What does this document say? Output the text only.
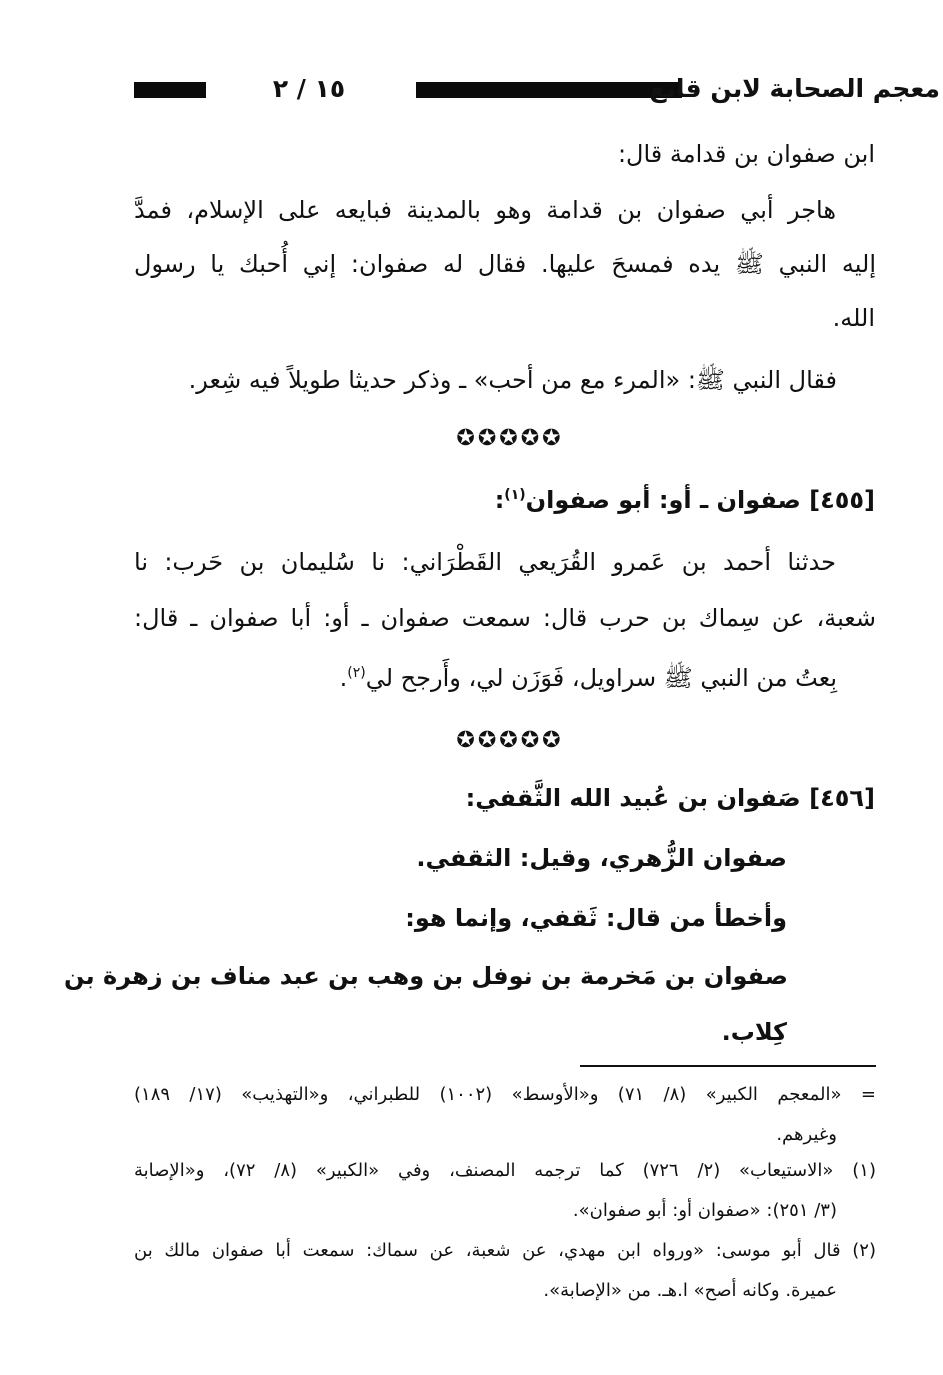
١٥ / ٢	معجم الصحابة لابن قانع
ابن صفوان بن قدامة قال:
هاجر أبي صفوان بن قدامة وهو بالمدينة فبايعه على الإسلام، فمدَّ
إليه النبي ﷺ يده فمسحَ عليها. فقال له صفوان: إني أُحبك يا رسول
الله.
فقال النبي ﷺ: «المرء مع من أحب» ـ وذكر حديثا طويلاً فيه شِعر.
✪✪✪✪✪
[٤٥٥] صفوان ـ أو: أبو صفوان$^{(١)}$:
حدثنا أحمد بن عَمرو القُرَيعي القَطْرَاني: نا سُليمان بن حَرب: نا
شعبة، عن سِماك بن حرب قال: سمعت صفوان ـ أو: أبا صفوان ـ قال:
بِعتُ من النبي ﷺ سراويل، فَوَزَن لي، وأَرجح لي$^{(٢)}$.
✪✪✪✪✪
[٤٥٦] صَفوان بن عُبيد الله الثَّقفي:
صفوان الزُّهري، وقيل: الثقفي.
وأخطأ من قال: ثَقفي، وإنما هو:
صفوان بن مَخرمة بن نوفل بن وهب بن عبد مناف بن زهرة بن
كِلاب.
= «المعجم الكبير» (٨/ ٧١) و«الأوسط» (١٠٠٢) للطبراني، و«التهذيب» (١٧/ ١٨٩)
وغيرهم.
(١) «الاستيعاب» (٢/ ٧٢٦) كما ترجمه المصنف، وفي «الكبير» (٨/ ٧٢)، و«الإصابة
(٣/ ٢٥١): «صفوان أو: أبو صفوان».
(٢) قال أبو موسى: «ورواه ابن مهدي، عن شعبة، عن سماك: سمعت أبا صفوان مالك بن
عميرة. وكانه أصح» ا.هـ. من «الإصابة».
